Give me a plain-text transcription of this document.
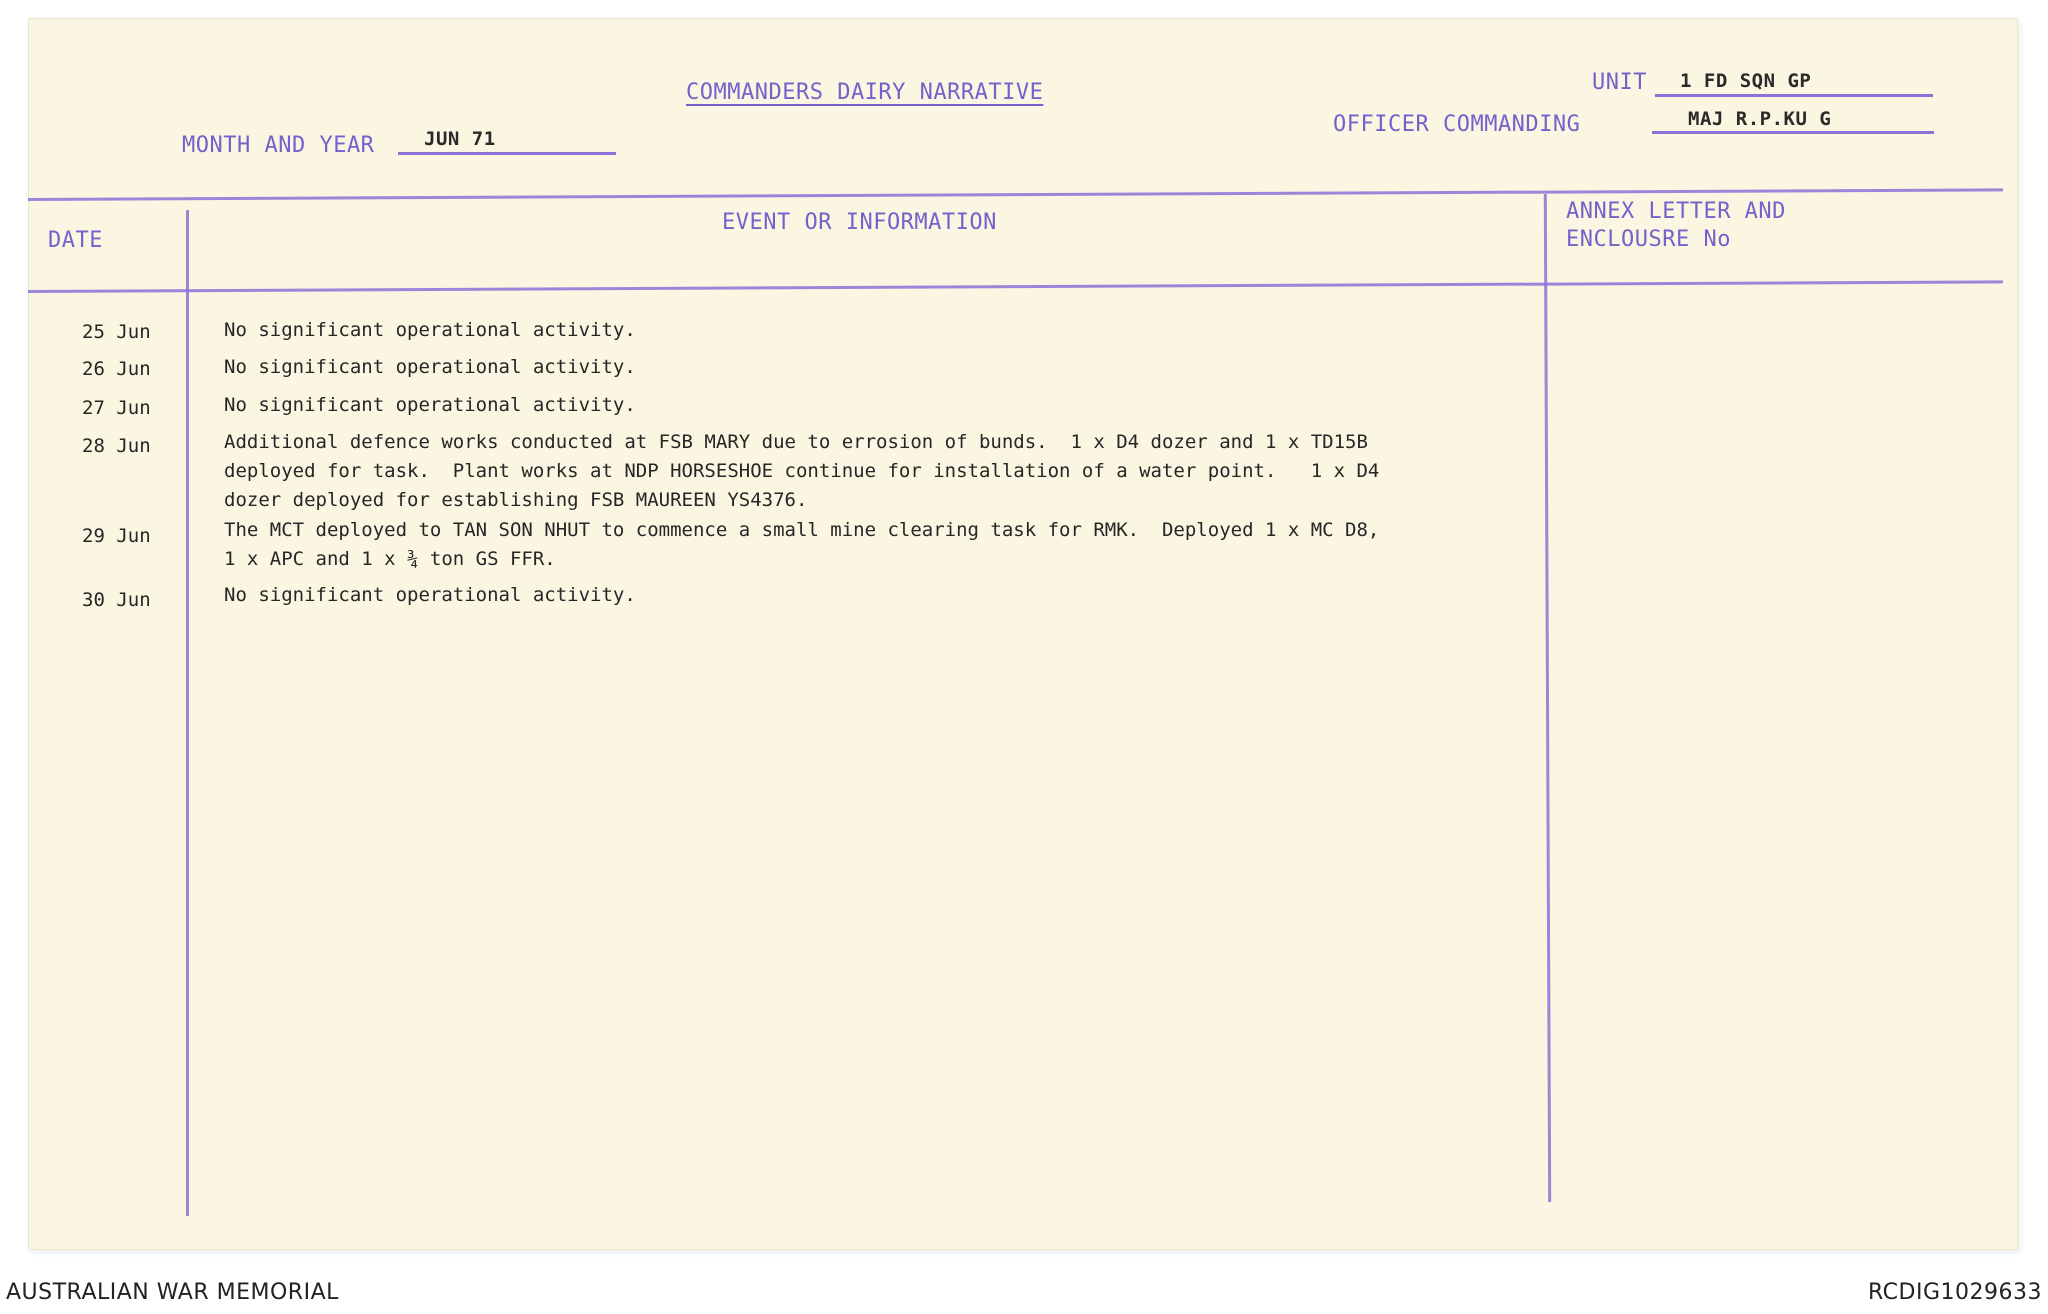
COMMANDERS DAIRY NARRATIVE	UNIT 1 FD SQN GP
MONTH AND YEAR	JUN 71
OFFICER COMMANDING	MAJ R.P.KU G
DATE
EVENT OR INFORMATION	ANNEX LETTER AND
ENCLOUSRE No
25 Jun	No significant operational activity.
26 Jun	No significant operational activity.
27 Jun	No significant operational activity.
28 Jun	Additional defence works conducted at FSB MARY due to errosion of bunds.  1 x D4 dozer and 1 x TD15B
deployed for task.  Plant works at NDP HORSESHOE continue for installation of a water point.   1 x D4
dozer deployed for establishing FSB MAUREEN YS4376.
29 Jun	The MCT deployed to TAN SON NHUT to commence a small mine clearing task for RMK.  Deployed 1 x MC D8,
1 x APC and 1 x ¾ ton GS FFR.
30 Jun	No significant operational activity.
AUSTRALIAN WAR MEMORIAL	RCDIG1029633
